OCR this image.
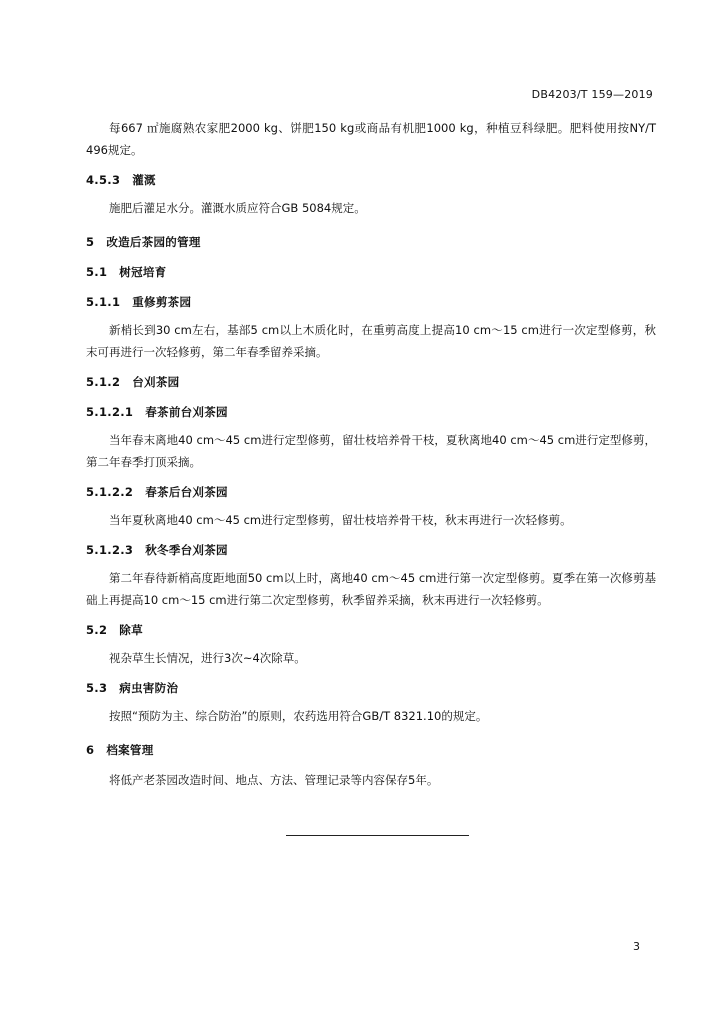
DB4203/T 159—2019

每667 ㎡施腐熟农家肥2000 kg、饼肥150 kg或商品有机肥1000 kg，种植豆科绿肥。肥料使用按NY/T 496规定。

4.5.3 灌溉

施肥后灌足水分。灌溉水质应符合GB 5084规定。

5 改造后茶园的管理
5.1 树冠培育
5.1.1 重修剪茶园

新梢长到30 cm左右，基部5 cm以上木质化时，在重剪高度上提高10 cm～15 cm进行一次定型修剪，秋末可再进行一次轻修剪，第二年春季留养采摘。

5.1.2 台刈茶园
5.1.2.1 春茶前台刈茶园

当年春末离地40 cm～45 cm进行定型修剪，留壮枝培养骨干枝，夏秋离地40 cm～45 cm进行定型修剪，第二年春季打顶采摘。

5.1.2.2 春茶后台刈茶园

当年夏秋离地40 cm～45 cm进行定型修剪，留壮枝培养骨干枝，秋末再进行一次轻修剪。

5.1.2.3 秋冬季台刈茶园

第二年春待新梢高度距地面50 cm以上时，离地40 cm～45 cm进行第一次定型修剪。夏季在第一次修剪基础上再提高10 cm～15 cm进行第二次定型修剪，秋季留养采摘，秋末再进行一次轻修剪。

5.2 除草

视杂草生长情况，进行3次~4次除草。

5.3 病虫害防治

按照“预防为主、综合防治”的原则，农药选用符合GB/T 8321.10的规定。

6 档案管理

将低产老茶园改造时间、地点、方法、管理记录等内容保存5年。

3
